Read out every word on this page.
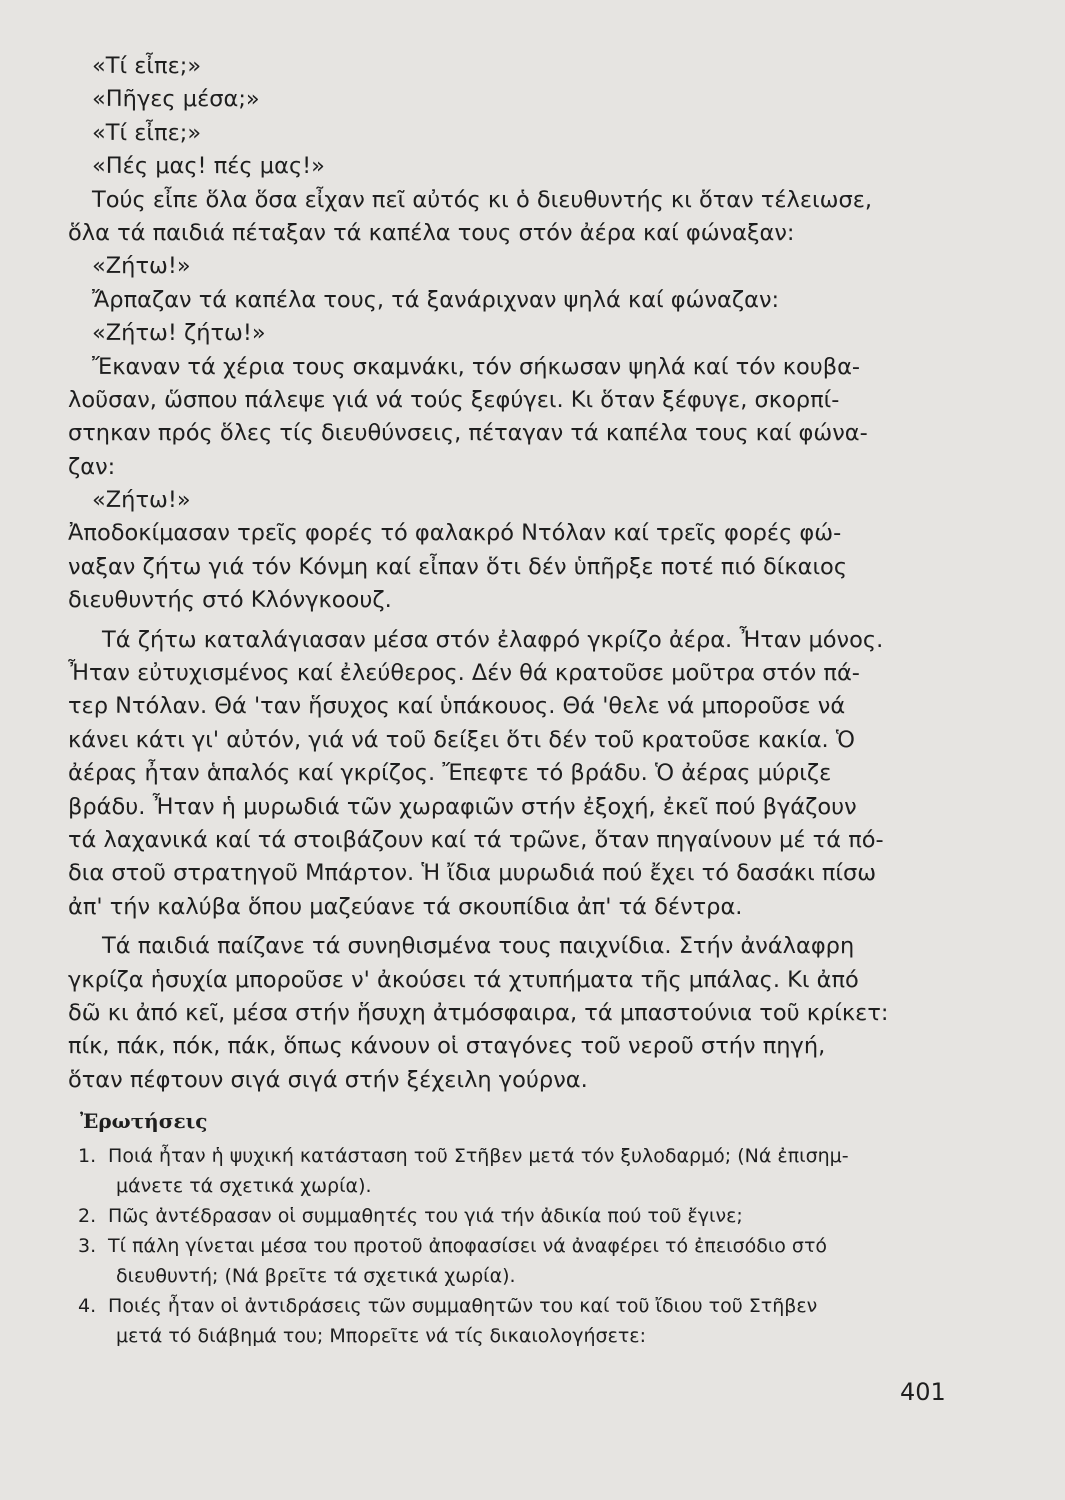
«Τί εἶπε;»
«Πῆγες μέσα;»
«Τί εἶπε;»
«Πές μας! πές μας!»
Τούς εἶπε ὅλα ὅσα εἶχαν πεῖ αὐτός κι ὁ διευθυντής κι ὅταν τέλειωσε,
ὅλα τά παιδιά πέταξαν τά καπέλα τους στόν ἀέρα καί φώναξαν:
«Ζήτω!»
Ἄρπαζαν τά καπέλα τους, τά ξανάριχναν ψηλά καί φώναζαν:
«Ζήτω! ζήτω!»
Ἔκαναν τά χέρια τους σκαμνάκι, τόν σήκωσαν ψηλά καί τόν κουβα-
λοῦσαν, ὥσπου πάλεψε γιά νά τούς ξεφύγει. Κι ὅταν ξέφυγε, σκορπί-
στηκαν πρός ὅλες τίς διευθύνσεις, πέταγαν τά καπέλα τους καί φώνα-
ζαν:
«Ζήτω!»
Ἀποδοκίμασαν τρεῖς φορές τό φαλακρό Ντόλαν καί τρεῖς φορές φώ-
ναξαν ζήτω γιά τόν Κόνμη καί εἶπαν ὅτι δέν ὑπῆρξε ποτέ πιό δίκαιος
διευθυντής στό Κλόνγκοουζ.
Τά ζήτω καταλάγιασαν μέσα στόν ἐλαφρό γκρίζο ἀέρα. Ἦταν μόνος.
Ἦταν εὐτυχισμένος καί ἐλεύθερος. Δέν θά κρατοῦσε μοῦτρα στόν πά-
τερ Ντόλαν. Θά 'ταν ἥσυχος καί ὑπάκουος. Θά 'θελε νά μποροῦσε νά
κάνει κάτι γι' αὐτόν, γιά νά τοῦ δείξει ὅτι δέν τοῦ κρατοῦσε κακία. Ὁ
ἀέρας ἦταν ἁπαλός καί γκρίζος. Ἔπεφτε τό βράδυ. Ὁ ἀέρας μύριζε
βράδυ. Ἦταν ἡ μυρωδιά τῶν χωραφιῶν στήν ἐξοχή, ἐκεῖ πού βγάζουν
τά λαχανικά καί τά στοιβάζουν καί τά τρῶνε, ὅταν πηγαίνουν μέ τά πό-
δια στοῦ στρατηγοῦ Μπάρτον. Ἡ ἴδια μυρωδιά πού ἔχει τό δασάκι πίσω
ἀπ' τήν καλύβα ὅπου μαζεύανε τά σκουπίδια ἀπ' τά δέντρα.
Τά παιδιά παίζανε τά συνηθισμένα τους παιχνίδια. Στήν ἀνάλαφρη
γκρίζα ἡσυχία μποροῦσε ν' ἀκούσει τά χτυπήματα τῆς μπάλας. Κι ἀπό
δῶ κι ἀπό κεῖ, μέσα στήν ἥσυχη ἀτμόσφαιρα, τά μπαστούνια τοῦ κρίκετ:
πίκ, πάκ, πόκ, πάκ, ὅπως κάνουν οἱ σταγόνες τοῦ νεροῦ στήν πηγή,
ὅταν πέφτουν σιγά σιγά στήν ξέχειλη γούρνα.
Ἐρωτήσεις
1. Ποιά ἦταν ἡ ψυχική κατάσταση τοῦ Στῆβεν μετά τόν ξυλοδαρμό; (Νά ἐπισημ-
μάνετε τά σχετικά χωρία).
2. Πῶς ἀντέδρασαν οἱ συμμαθητές του γιά τήν ἀδικία πού τοῦ ἔγινε;
3. Τί πάλη γίνεται μέσα του προτοῦ ἀποφασίσει νά ἀναφέρει τό ἐπεισόδιο στό
διευθυντή; (Νά βρεῖτε τά σχετικά χωρία).
4. Ποιές ἦταν οἱ ἀντιδράσεις τῶν συμμαθητῶν του καί τοῦ ἴδιου τοῦ Στῆβεν
μετά τό διάβημά του; Μπορεῖτε νά τίς δικαιολογήσετε:
401
